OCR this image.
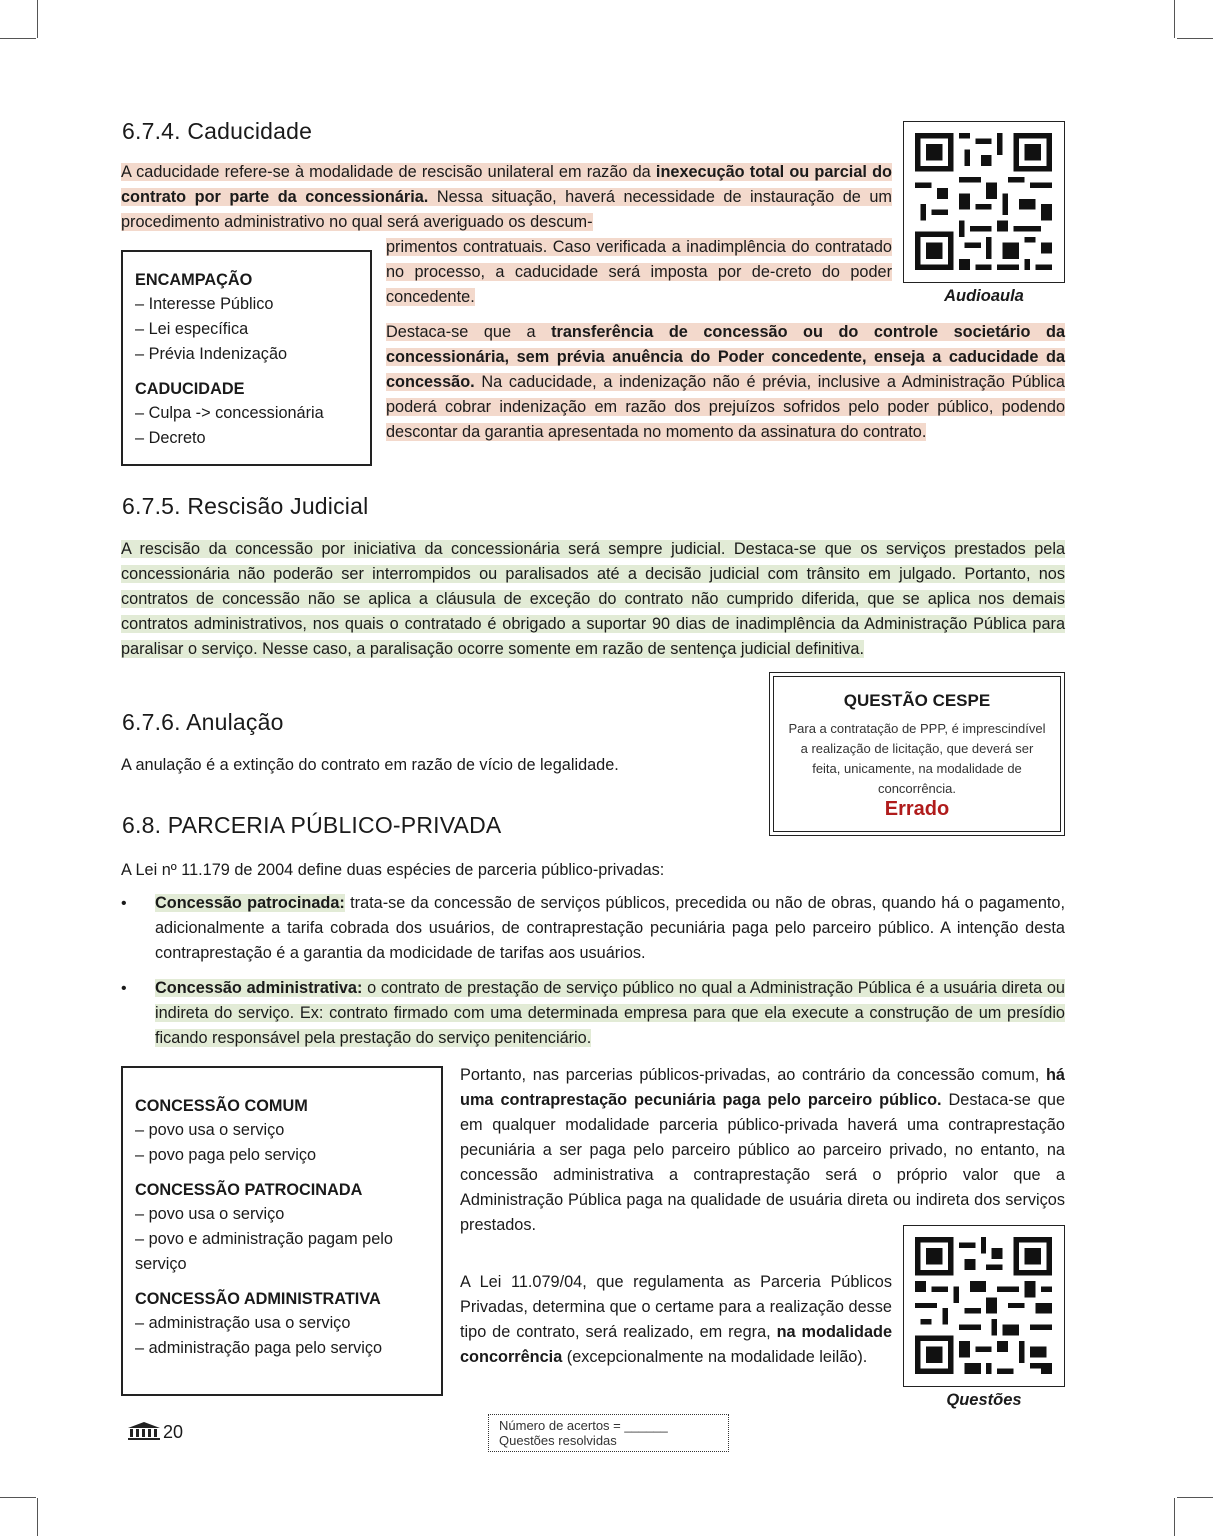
6.7.4. Caducidade
A caducidade refere-se à modalidade de rescisão unilateral em razão da inexecução total ou parcial do contrato por parte da concessionária. Nessa situação, haverá necessidade de instauração de um procedimento administrativo no qual será averiguado os descum-
primentos contratuais. Caso verificada a inadimplência do contratado no processo, a caducidade será imposta por de-creto do poder concedente.
Destaca-se que a transferência de concessão ou do controle societário da concessionária, sem prévia anuência do Poder concedente, enseja a caducidade da concessão. Na caducidade, a indenização não é prévia, inclusive a Administração Pública poderá cobrar indenização em razão dos prejuízos sofridos pelo poder público, podendo descontar da garantia apresentada no momento da assinatura do contrato.
Audioaula
ENCAMPAÇÃO
– Interesse Público
– Lei específica
– Prévia Indenização
CADUCIDADE
– Culpa -> concessionária
– Decreto
6.7.5. Rescisão Judicial
A rescisão da concessão por iniciativa da concessionária será sempre judicial. Destaca-se que os serviços prestados pela concessionária não poderão ser interrompidos ou paralisados até a decisão judicial com trânsito em julgado. Portanto, nos contratos de concessão não se aplica a cláusula de exceção do contrato não cumprido diferida, que se aplica nos demais contratos administrativos, nos quais o contratado é obrigado a suportar 90 dias de inadimplência da Administração Pública para paralisar o serviço. Nesse caso, a paralisação ocorre somente em razão de sentença judicial definitiva.
QUESTÃO CESPE
Para a contratação de PPP, é imprescindível a realização de licitação, que deverá ser feita, unicamente, na modalidade de concorrência.
Errado
6.7.6. Anulação
A anulação é a extinção do contrato em razão de vício de legalidade.
6.8. PARCERIA PÚBLICO-PRIVADA
A Lei nº 11.179 de 2004 define duas espécies de parceria público-privadas:
• Concessão patrocinada: trata-se da concessão de serviços públicos, precedida ou não de obras, quando há o pagamento, adicionalmente a tarifa cobrada dos usuários, de contraprestação pecuniária paga pelo parceiro público. A intenção desta contraprestação é a garantia da modicidade de tarifas aos usuários.
• Concessão administrativa: o contrato de prestação de serviço público no qual a Administração Pública é a usuária direta ou indireta do serviço. Ex: contrato firmado com uma determinada empresa para que ela execute a construção de um presídio ficando responsável pela prestação do serviço penitenciário.
CONCESSÃO COMUM
– povo usa o serviço
– povo paga pelo serviço
CONCESSÃO PATROCINADA
– povo usa o serviço
– povo e administração pagam pelo serviço
CONCESSÃO ADMINISTRATIVA
– administração usa o serviço
– administração paga pelo serviço
Portanto, nas parcerias públicos-privadas, ao contrário da concessão comum, há uma contraprestação pecuniária paga pelo parceiro público. Destaca-se que em qualquer modalidade parceria público-privada haverá uma contraprestação pecuniária a ser paga pelo parceiro público ao parceiro privado, no entanto, na concessão administrativa a contraprestação será o próprio valor que a Administração Pública paga na qualidade de usuária direta ou indireta dos serviços prestados.
A Lei 11.079/04, que regulamenta as Parceria Públicos Privadas, determina que o certame para a realização desse tipo de contrato, será realizado, em regra, na modalidade concorrência (excepcionalmente na modalidade leilão).
Questões
20	Número de acertos = ______
Questões resolvidas
